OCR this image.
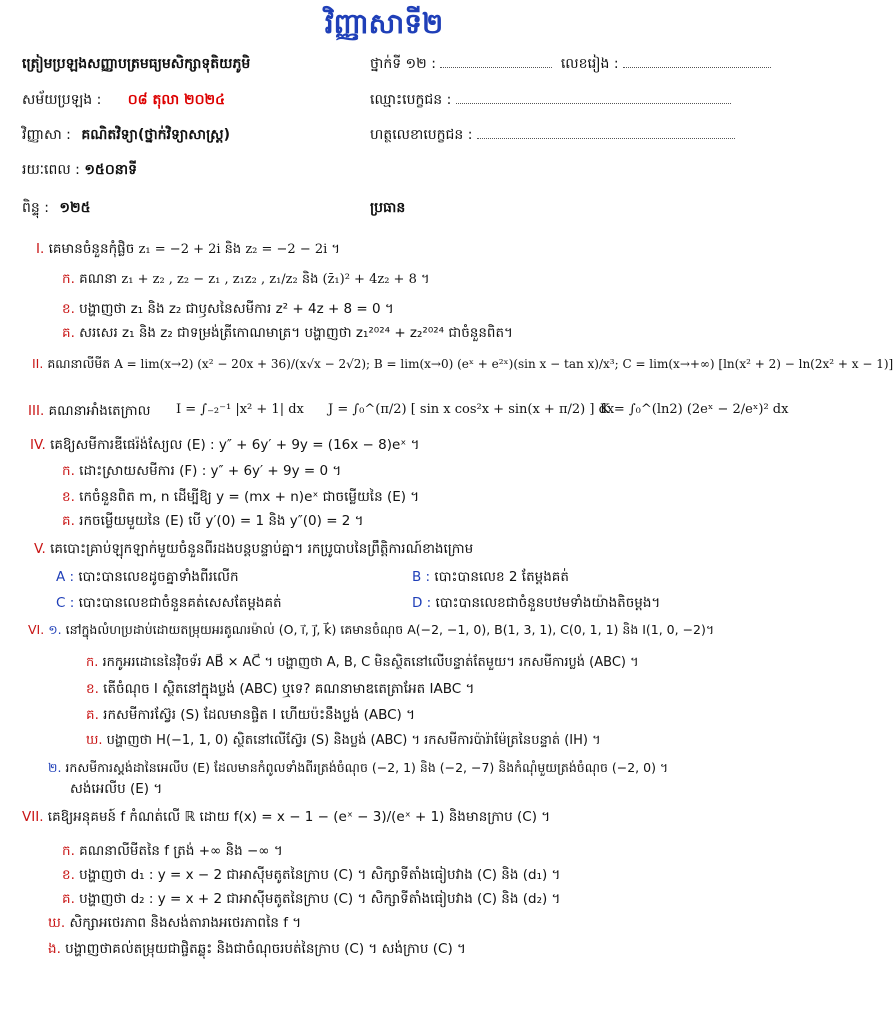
វិញ្ញាសាទី២
ត្រៀមប្រឡងសញ្ញាបត្រមធ្យមសិក្សាទុតិយភូមិ	ថ្នាក់ទី ១២ :	លេខរៀង :
សម័យប្រឡង : ០៨ តុលា ២០២៤	ឈ្មោះបេក្ខជន :
វិញ្ញាសា : គណិតវិទ្យា(ថ្នាក់វិទ្យាសាស្ត្រ)	ហត្ថលេខាបេក្ខជន :
រយៈពេល : ១៥០នាទី
ពិន្ទុ : ១២៥	ប្រធាន
I. គេមានចំនួនកុំផ្លិច z₁ = −2 + 2i និង z₂ = −2 − 2i ។
ក. គណនា z₁ + z₂ , z₂ − z₁ , z₁z₂ , z₁/z₂ និង (z̄₁)² + 4z₂ + 8 ។
ខ. បង្ហាញថា z₁ និង z₂ ជាឫសនៃសមីការ z² + 4z + 8 = 0 ។
គ. សរសេរ z₁ និង z₂ ជាទម្រង់ត្រីកោណមាត្រ។ បង្ហាញថា z₁²⁰²⁴ + z₂²⁰²⁴ ជាចំនួនពិត។
II. គណនាលីមីត A = lim(x→2) (x² − 20x + 36)/(x√x − 2√2); B = lim(x→0) (eˣ + e²ˣ)(sin x − tan x)/x³; C = lim(x→+∞) [ln(x² + 2) − ln(2x² + x − 1)]
III. គណនាអាំងតេក្រាល I = ∫₋₂⁻¹ |x² + 1| dx J = ∫₀^(π/2) [ sin x cos²x + sin(x + π/2) ] dx
K = ∫₀^(ln2) (2eˣ − 2/eˣ)² dx
IV. គេឱ្យសមីការឌីផេរ៉ង់ស្យែល (E) : y″ + 6y′ + 9y = (16x − 8)eˣ ។
ក. ដោះស្រាយសមីការ (F) : y″ + 6y′ + 9y = 0 ។
ខ. កេចំនួនពិត m, n ដើម្បីឱ្យ y = (mx + n)eˣ ជាចម្លើយនៃ (E) ។
គ. រកចម្លើយមួយនៃ (E) បើ y′(0) = 1 និង y″(0) = 2 ។
V. គេបោះគ្រាប់ឡុកឡាក់មួយចំនួនពីរដងបន្តបន្ទាប់គ្នា។ រកប្រូបាបនៃព្រឹត្តិការណ៍ខាងក្រោម
A : បោះបានលេខដូចគ្នាទាំងពីរលើក	B : បោះបានលេខ 2 តែម្តងគត់
C : បោះបានលេខជាចំនួនគត់សេសតែម្តងគត់	D : បោះបានលេខជាចំនួនបឋមទាំងយ៉ាងតិចម្តង។
VI. ១. នៅក្នុងលំហប្រដាប់ដោយតម្រុយអរតូណរម៉ាល់ (O, i⃗, j⃗, k⃗) គេមានចំណុច A(−2, −1, 0), B(1, 3, 1), C(0, 1, 1) និង I(1, 0, −2)។
ក. រកកូអរដោនេនៃវ៉ិចទ័រ AB⃗ × AC⃗ ។ បង្ហាញថា A, B, C មិនស្ថិតនៅលើបន្ទាត់តែមួយ។ រកសមីការប្លង់ (ABC) ។
ខ. តើចំណុច I ស្ថិតនៅក្នុងប្លង់ (ABC) ឬទេ? គណនាមាឌតេត្រាអែត IABC ។
គ. រកសមីការស្វ៊ែរ (S) ដែលមានផ្ចិត I ហើយប៉ះនឹងប្លង់ (ABC) ។
ឃ. បង្ហាញថា H(−1, 1, 0) ស្ថិតនៅលើស្វ៊ែរ (S) និងប្លង់ (ABC) ។ រកសមីការប៉ារ៉ាម៉ែត្រនៃបន្ទាត់ (IH) ។
២. រកសមីការស្តង់ដានៃអេលីប (E) ដែលមានកំពូលទាំងពីរត្រង់ចំណុច (−2, 1) និង (−2, −7) និងកំណុំមួយត្រង់ចំណុច (−2, 0) ។
សង់អេលីប (E) ។
VII. គេឱ្យអនុគមន៍ f កំណត់លើ ℝ ដោយ f(x) = x − 1 − (eˣ − 3)/(eˣ + 1) និងមានក្រាប (C) ។
ក. គណនាលីមីតនៃ f ត្រង់ +∞ និង −∞ ។
ខ. បង្ហាញថា d₁ : y = x − 2 ជាអាស៊ីមតូតនៃក្រាប (C) ។ សិក្សាទីតាំងធៀបវាង (C) និង (d₁) ។
គ. បង្ហាញថា d₂ : y = x + 2 ជាអាស៊ីមតូតនៃក្រាប (C) ។ សិក្សាទីតាំងធៀបវាង (C) និង (d₂) ។
ឃ. សិក្សាអថេរភាព និងសង់តារាងអថេរភាពនៃ f ។
ង. បង្ហាញថាគល់តម្រុយជាផ្ចិតឆ្លុះ និងជាចំណុចរបត់នៃក្រាប (C) ។ សង់ក្រាប (C) ។
